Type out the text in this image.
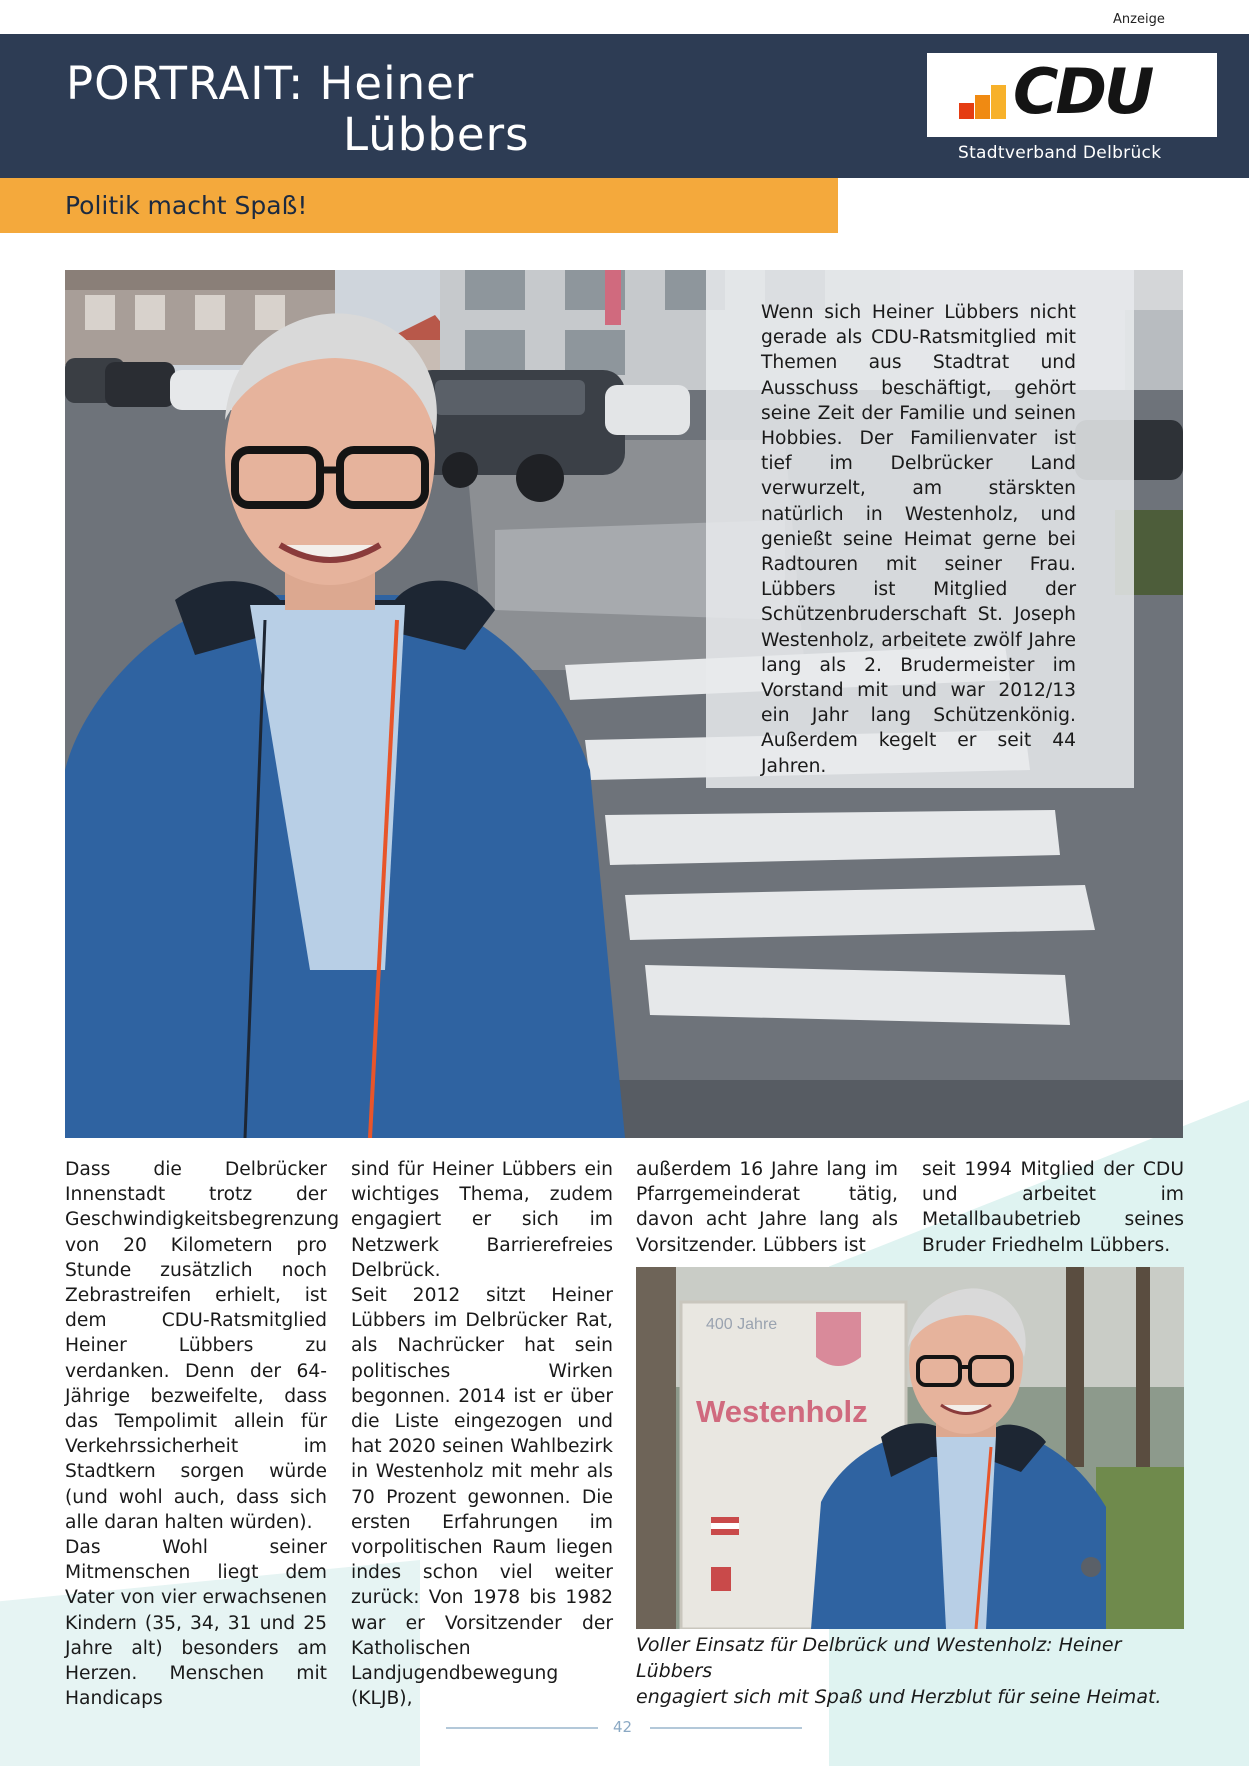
Anzeige
PORTRAIT: Heiner
Lübbers
CDU
Stadtverband Delbrück
Politik macht Spaß!
Wenn sich Heiner Lübbers nicht gerade als CDU-Ratsmitglied mit Themen aus Stadtrat und Ausschuss beschäftigt, gehört seine Zeit der Familie und seinen Hobbies. Der Familienvater ist tief im Delbrücker Land verwurzelt, am stärskten natürlich in Westenholz, und genießt seine Heimat gerne bei Radtouren mit seiner Frau. Lübbers ist Mitglied der Schützenbruderschaft St. Joseph Westenholz, arbeitete zwölf Jahre lang als 2. Brudermeister im Vorstand mit und war 2012/13 ein Jahr lang Schützenkönig. Außerdem kegelt er seit 44 Jahren.

Dass die Delbrücker Innenstadt trotz der Geschwindigkeitsbegrenzung von 20 Kilometern pro Stunde zusätzlich noch Zebrastreifen erhielt, ist dem CDU-Ratsmitglied Heiner Lübbers zu verdanken. Denn der 64-Jährige bezweifelte, dass das Tempolimit allein für Verkehrssicherheit im Stadtkern sorgen würde (und wohl auch, dass sich alle daran halten würden).

Das Wohl seiner Mitmenschen liegt dem Vater von vier erwachsenen Kindern (35, 34, 31 und 25 Jahre alt) besonders am Herzen. Menschen mit Handicaps

sind für Heiner Lübbers ein wichtiges Thema, zudem engagiert er sich im Netzwerk Barrierefreies Delbrück.

Seit 2012 sitzt Heiner Lübbers im Delbrücker Rat, als Nachrücker hat sein politisches Wirken begonnen. 2014 ist er über die Liste eingezogen und hat 2020 seinen Wahlbezirk in Westenholz mit mehr als 70 Prozent gewonnen. Die ersten Erfahrungen im vorpolitischen Raum liegen indes schon viel weiter zurück: Von 1978 bis 1982 war er Vorsitzender der Katholischen Landjugendbewegung (KLJB),

außerdem 16 Jahre lang im Pfarrgemeinderat tätig, davon acht Jahre lang als Vorsitzender. Lübbers ist

seit 1994 Mitglied der CDU und arbeitet im Metallbaubetrieb seines Bruder Friedhelm Lübbers.

400 Jahre
Westenholz
Voller Einsatz für Delbrück und Westenholz: Heiner Lübbers
engagiert sich mit Spaß und Herzblut für seine Heimat.
42
